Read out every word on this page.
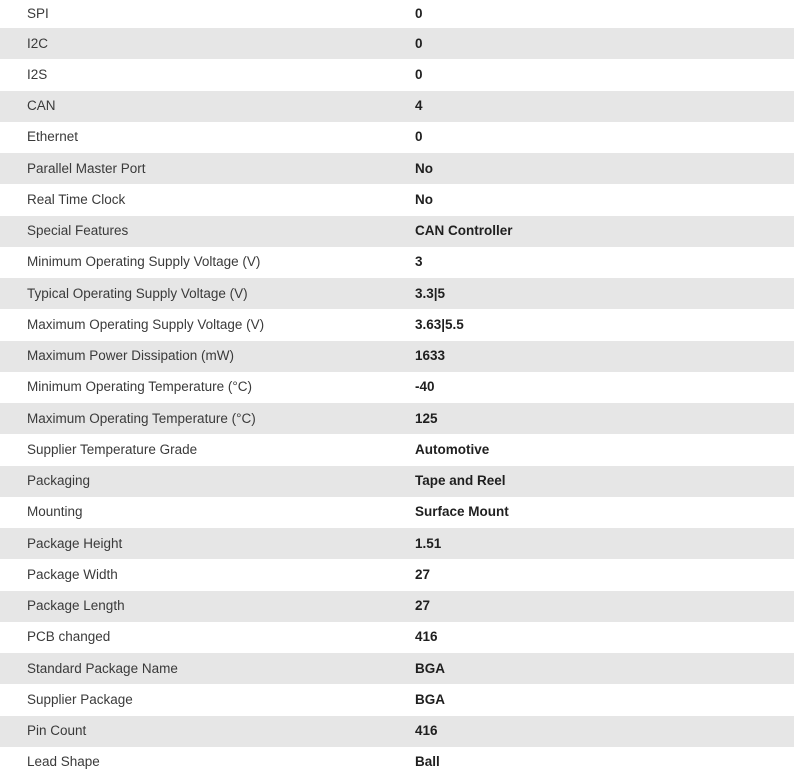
SPI	0
I2C	0
I2S	0
CAN	4
Ethernet	0
Parallel Master Port	No
Real Time Clock	No
Special Features	CAN Controller
Minimum Operating Supply Voltage (V)	3
Typical Operating Supply Voltage (V)	3.3|5
Maximum Operating Supply Voltage (V)	3.63|5.5
Maximum Power Dissipation (mW)	1633
Minimum Operating Temperature (°C)	-40
Maximum Operating Temperature (°C)	125
Supplier Temperature Grade	Automotive
Packaging	Tape and Reel
Mounting	Surface Mount
Package Height	1.51
Package Width	27
Package Length	27
PCB changed	416
Standard Package Name	BGA
Supplier Package	BGA
Pin Count	416
Lead Shape	Ball
